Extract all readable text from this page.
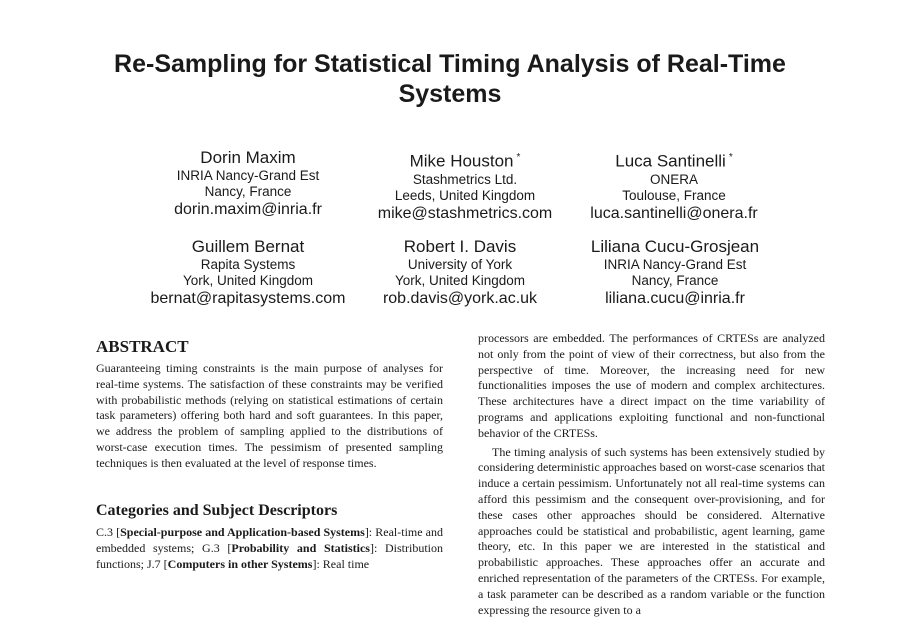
Re-Sampling for Statistical Timing Analysis of Real-Time
Systems
Dorin Maxim
INRIA Nancy-Grand Est
Nancy, France
dorin.maxim@inria.fr
Mike Houston *
Stashmetrics Ltd.
Leeds, United Kingdom
mike@stashmetrics.com
Luca Santinelli *
ONERA
Toulouse, France
luca.santinelli@onera.fr
Guillem Bernat
Rapita Systems
York, United Kingdom
bernat@rapitasystems.com
Robert I. Davis
University of York
York, United Kingdom
rob.davis@york.ac.uk
Liliana Cucu-Grosjean
INRIA Nancy-Grand Est
Nancy, France
liliana.cucu@inria.fr
ABSTRACT

Guaranteeing timing constraints is the main purpose of analyses for real-time systems. The satisfaction of these constraints may be verified with probabilistic methods (relying on statistical estimations of certain task parameters) offering both hard and soft guarantees. In this paper, we address the problem of sampling applied to the distributions of worst-case execution times. The pessimism of presented sampling techniques is then evaluated at the level of response times.

Categories and Subject Descriptors

C.3 [Special-purpose and Application-based Systems]: Real-time and embedded systems; G.3 [Probability and Statistics]: Distribution functions; J.7 [Computers in other Systems]: Real time

processors are embedded. The performances of CRTESs are analyzed not only from the point of view of their correctness, but also from the perspective of time. Moreover, the increasing need for new functionalities imposes the use of modern and complex architectures. These architectures have a direct impact on the time variability of programs and applications exploiting functional and non-functional behavior of the CRTESs.

The timing analysis of such systems has been extensively studied by considering deterministic approaches based on worst-case scenarios that induce a certain pessimism. Unfortunately not all real-time systems can afford this pessimism and the consequent over-provisioning, and for these cases other approaches should be considered. Alternative approaches could be statistical and probabilistic, agent learning, game theory, etc. In this paper we are interested in the statistical and probabilistic approaches. These approaches offer an accurate and enriched representation of the parameters of the CRTESs. For example, a task parameter can be described as a random variable or the function expressing the resource given to a
